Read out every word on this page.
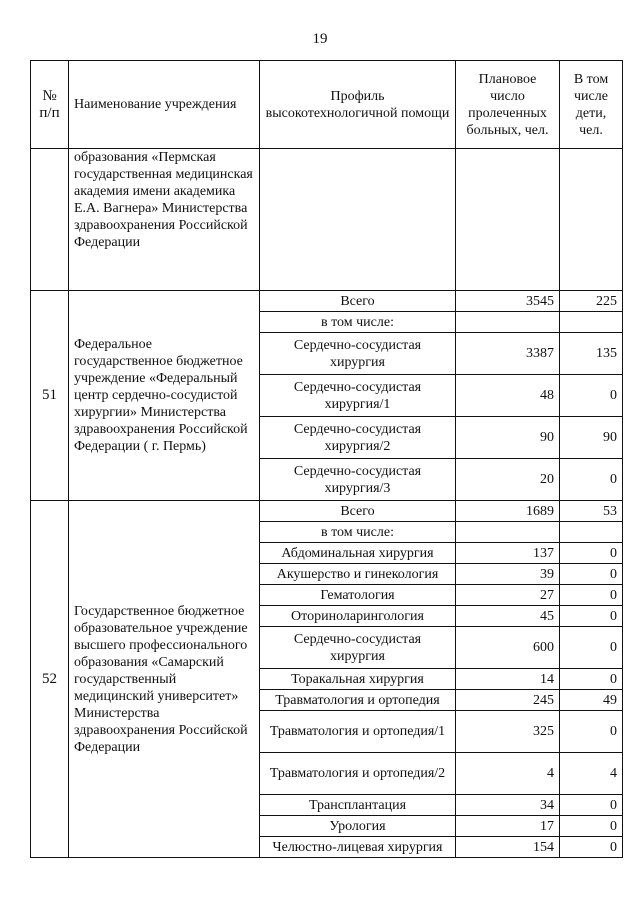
19
№ п/п	Наименование учреждения	Профиль высокотехнологичной помощи	Плановое число пролеченных больных, чел.	В том числе дети, чел.
	образования «Пермская государственная медицинская академия имени академика Е.А. Вагнера» Министерства здравоохранения Российской Федерации			
51	Федеральное государственное бюджетное учреждение «Федеральный центр сердечно-сосудистой хирургии» Министерства здравоохранения Российской Федерации ( г. Пермь)	Всего	3545	225
		в том числе:		
		Сердечно-сосудистая хирургия	3387	135
		Сердечно-сосудистая хирургия/1	48	0
		Сердечно-сосудистая хирургия/2	90	90
		Сердечно-сосудистая хирургия/3	20	0
52	Государственное бюджетное образовательное учреждение высшего профессионального образования «Самарский государственный медицинский университет» Министерства здравоохранения Российской Федерации	Всего	1689	53
		в том числе:		
		Абдоминальная хирургия	137	0
		Акушерство и гинекология	39	0
		Гематология	27	0
		Оториноларингология	45	0
		Сердечно-сосудистая хирургия	600	0
		Торакальная хирургия	14	0
		Травматология и ортопедия	245	49
		Травматология и ортопедия/1	325	0
		Травматология и ортопедия/2	4	4
		Трансплантация	34	0
		Урология	17	0
		Челюстно-лицевая хирургия	154	0
